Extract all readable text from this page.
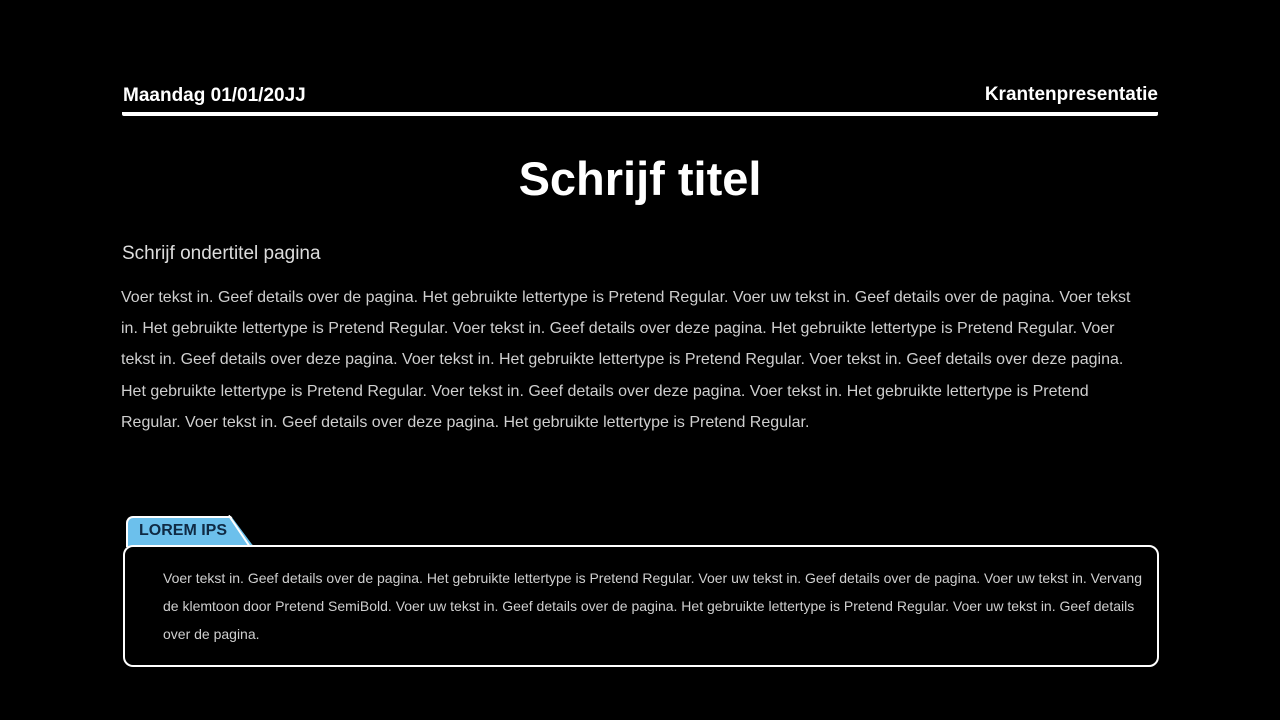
Maandag 01/01/20JJ	Krantenpresentatie
Schrijf titel
Schrijf ondertitel pagina
Voer tekst in. Geef details over de pagina. Het gebruikte lettertype is Pretend Regular. Voer uw tekst in. Geef details over de pagina. Voer tekst in. Het gebruikte lettertype is Pretend Regular. Voer tekst in. Geef details over deze pagina. Het gebruikte lettertype is Pretend Regular. Voer tekst in. Geef details over deze pagina. Voer tekst in. Het gebruikte lettertype is Pretend Regular. Voer tekst in. Geef details over deze pagina. Het gebruikte lettertype is Pretend Regular. Voer tekst in. Geef details over deze pagina. Voer tekst in. Het gebruikte lettertype is Pretend Regular. Voer tekst in. Geef details over deze pagina. Het gebruikte lettertype is Pretend Regular.
LOREM IPS
Voer tekst in. Geef details over de pagina. Het gebruikte lettertype is Pretend Regular. Voer uw tekst in. Geef details over de pagina. Voer uw tekst in. Vervang de klemtoon door Pretend SemiBold. Voer uw tekst in. Geef details over de pagina. Het gebruikte lettertype is Pretend Regular. Voer uw tekst in. Geef details over de pagina.
